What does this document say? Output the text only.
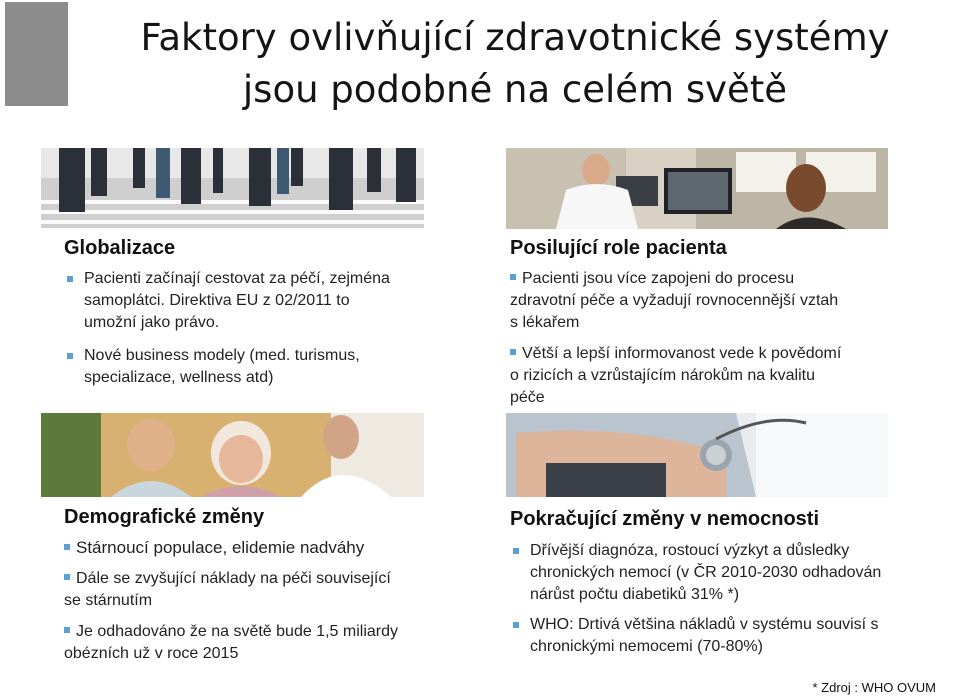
Faktory ovlivňující zdravotnické systémy
jsou podobné na celém světě
Globalizace
Pacienti začínají cestovat za péčí, zejména samoplátci. Direktiva EU z 02/2011 to umožní jako právo.
Nové business modely (med. turismus, specializace, wellness atd)
Posilující role pacienta
Pacienti jsou více zapojeni do procesu zdravotní péče a vyžadují rovnocennější vztah s lékařem
Větší a lepší informovanost vede k povědomí o rizicích a vzrůstajícím nárokům na kvalitu péče
Demografické změny
Stárnoucí populace, elidemie nadváhy
Dále se zvyšující náklady na péči související se stárnutím
Je odhadováno že na světě bude 1,5 miliardy obézních už v roce 2015
Pokračující změny v nemocnosti
Dřívější diagnóza, rostoucí výzkyt a důsledky chronických nemocí (v ČR 2010-2030 odhadován nárůst počtu diabetiků 31% *)
WHO: Drtivá většina nákladů v systému souvisí s chronickými nemocemi (70-80%)
* Zdroj : WHO OVUM
